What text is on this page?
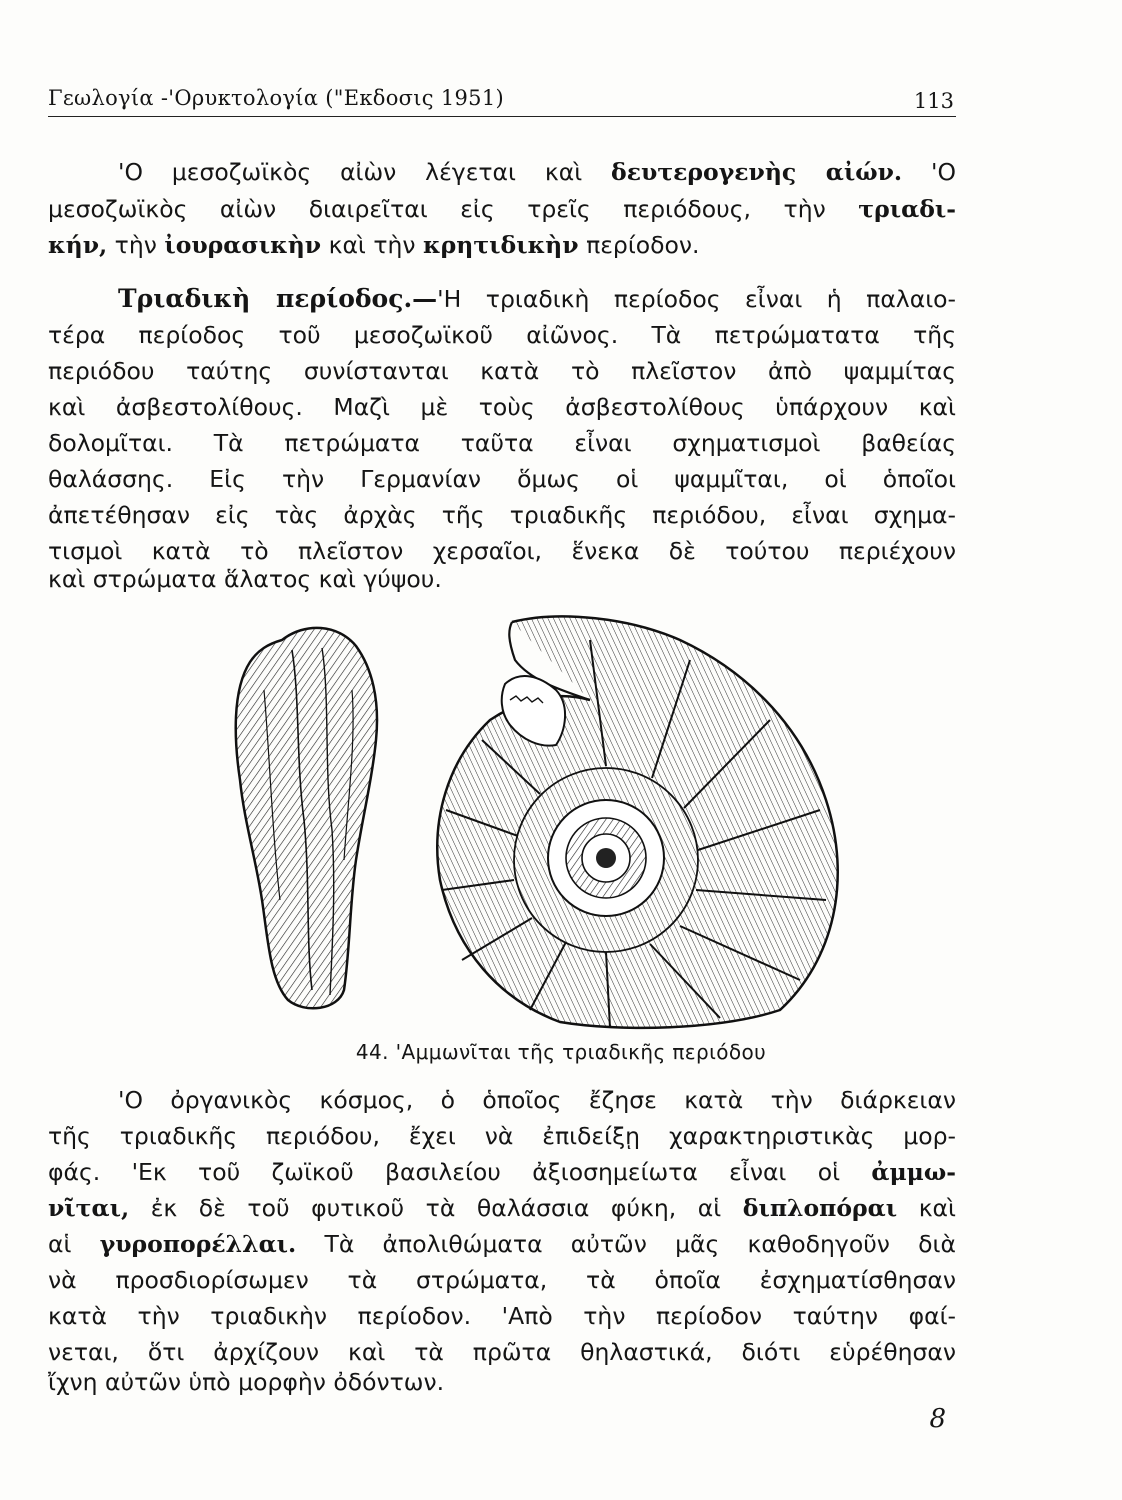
Γεωλογία -'Ορυκτολογία ("Εκδοσις 1951)	113
'Ο μεσοζωϊκὸς αἰὼν λέγεται καὶ δευτερογενὴς αἰών. 'Ο
μεσοζωϊκὸς αἰὼν διαιρεῖται εἰς τρεῖς περιόδους, τὴν τριαδι-
κήν, τὴν ἰουρασικὴν καὶ τὴν κρητιδικὴν περίοδον.
Τριαδικὴ περίοδος.—'Η τριαδικὴ περίοδος εἶναι ἡ παλαιο-
τέρα περίοδος τοῦ μεσοζωϊκοῦ αἰῶνος. Τὰ πετρώματατα τῆς
περιόδου ταύτης συνίστανται κατὰ τὸ πλεῖστον ἀπὸ ψαμμίτας
καὶ ἀσβεστολίθους. Μαζὶ μὲ τοὺς ἀσβεστολίθους ὑπάρχουν καὶ
δολομῖται. Τὰ πετρώματα ταῦτα εἶναι σχηματισμοὶ βαθείας
θαλάσσης. Εἰς τὴν Γερμανίαν ὅμως οἱ ψαμμῖται, οἱ ὁποῖοι
ἀπετέθησαν εἰς τὰς ἀρχὰς τῆς τριαδικῆς περιόδου, εἶναι σχημα-
τισμοὶ κατὰ τὸ πλεῖστον χερσαῖοι, ἕνεκα δὲ τούτου περιέχουν
καὶ στρώματα ἅλατος καὶ γύψου.
44. 'Αμμωνῖται τῆς τριαδικῆς περιόδου
'Ο ὀργανικὸς κόσμος, ὁ ὁποῖος ἔζησε κατὰ τὴν διάρκειαν
τῆς τριαδικῆς περιόδου, ἔχει νὰ ἐπιδείξῃ χαρακτηριστικὰς μορ-
φάς. 'Εκ τοῦ ζωϊκοῦ βασιλείου ἀξιοσημείωτα εἶναι οἱ ἀμμω-
νῖται, ἐκ δὲ τοῦ φυτικοῦ τὰ θαλάσσια φύκη, αἱ διπλοπόραι καὶ
αἱ γυροπορέλλαι. Τὰ ἀπολιθώματα αὐτῶν μᾶς καθοδηγοῦν διὰ
νὰ προσδιορίσωμεν τὰ στρώματα, τὰ ὁποῖα ἐσχηματίσθησαν
κατὰ τὴν τριαδικὴν περίοδον. 'Απὸ τὴν περίοδον ταύτην φαί-
νεται, ὅτι ἀρχίζουν καὶ τὰ πρῶτα θηλαστικά, διότι εὑρέθησαν
ἴχνη αὐτῶν ὑπὸ μορφὴν ὀδόντων.
8
